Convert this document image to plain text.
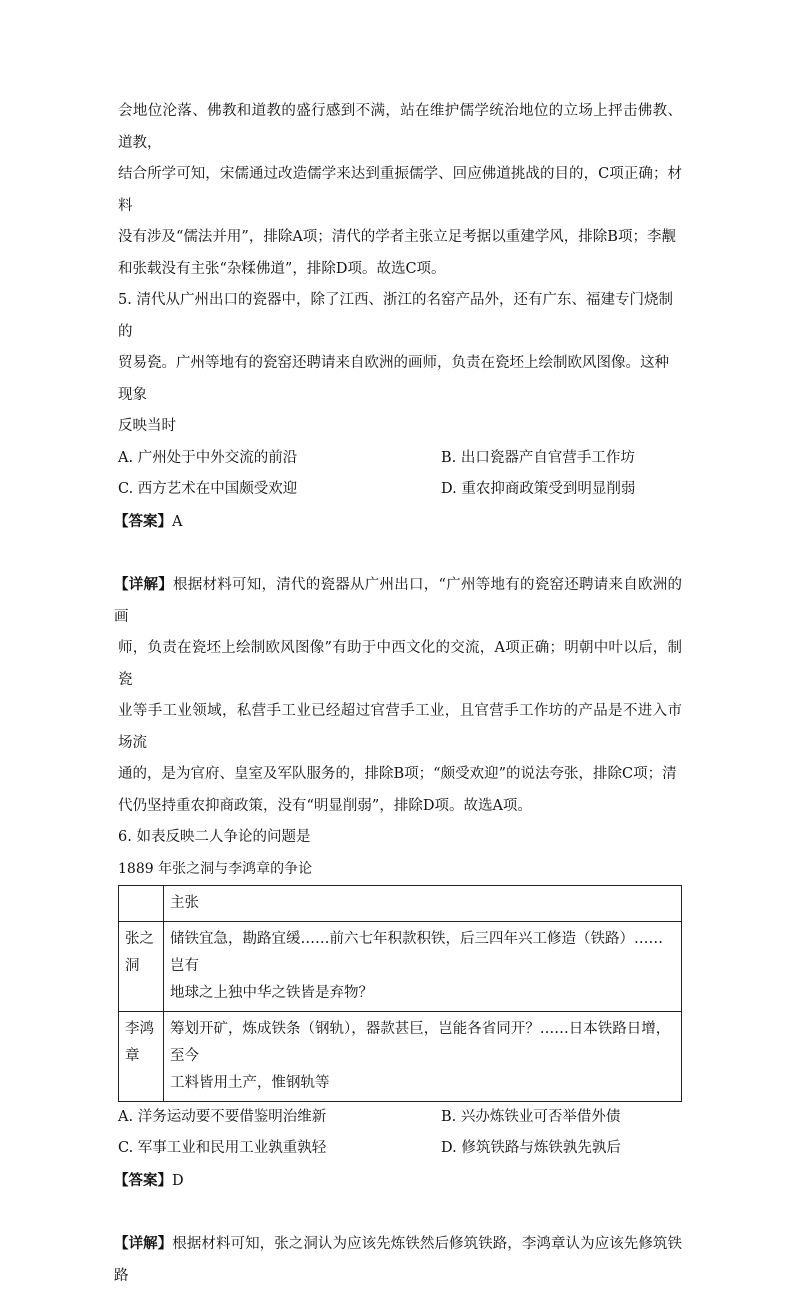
会地位沦落、佛教和道教的盛行感到不满，站在维护儒学统治地位的立场上抨击佛教、道教，

结合所学可知，宋儒通过改造儒学来达到重振儒学、回应佛道挑战的目的，C项正确；材料

没有涉及“儒法并用”，排除A项；清代的学者主张立足考据以重建学风，排除B项；李觏

和张载没有主张“杂糅佛道”，排除D项。故选C项。

5. 清代从广州出口的瓷器中，除了江西、浙江的名窑产品外，还有广东、福建专门烧制的

贸易瓷。广州等地有的瓷窑还聘请来自欧洲的画师，负责在瓷坯上绘制欧风图像。这种现象

反映当时

A. 广州处于中外交流的前沿	B. 出口瓷器产自官营手工作坊
C. 西方艺术在中国颇受欢迎	D. 重农抑商政策受到明显削弱

【答案】A

【详解】根据材料可知，清代的瓷器从广州出口，“广州等地有的瓷窑还聘请来自欧洲的画

师，负责在瓷坯上绘制欧风图像”有助于中西文化的交流，A项正确；明朝中叶以后，制瓷

业等手工业领域，私营手工业已经超过官营手工业，且官营手工作坊的产品是不进入市场流

通的，是为官府、皇室及军队服务的，排除B项；“颇受欢迎”的说法夸张，排除C项；清

代仍坚持重农抑商政策，没有“明显削弱”，排除D项。故选A项。

6. 如表反映二人争论的问题是

1889 年张之洞与李鸿章的争论

	主张
张之
洞	储铁宜急，勘路宜缓……前六七年积款积铁，后三四年兴工修造（铁路）……岂有
地球之上独中华之铁皆是弃物？
李鸿
章	筹划开矿，炼成铁条（钢轨），器款甚巨，岂能各省同开？……日本铁路日增，至今
工料皆用土产，惟钢轨等
A. 洋务运动要不要借鉴明治维新	B. 兴办炼铁业可否举借外债
C. 军事工业和民用工业孰重孰轻	D. 修筑铁路与炼铁孰先孰后

【答案】D

【详解】根据材料可知，张之洞认为应该先炼铁然后修筑铁路，李鸿章认为应该先修筑铁路
